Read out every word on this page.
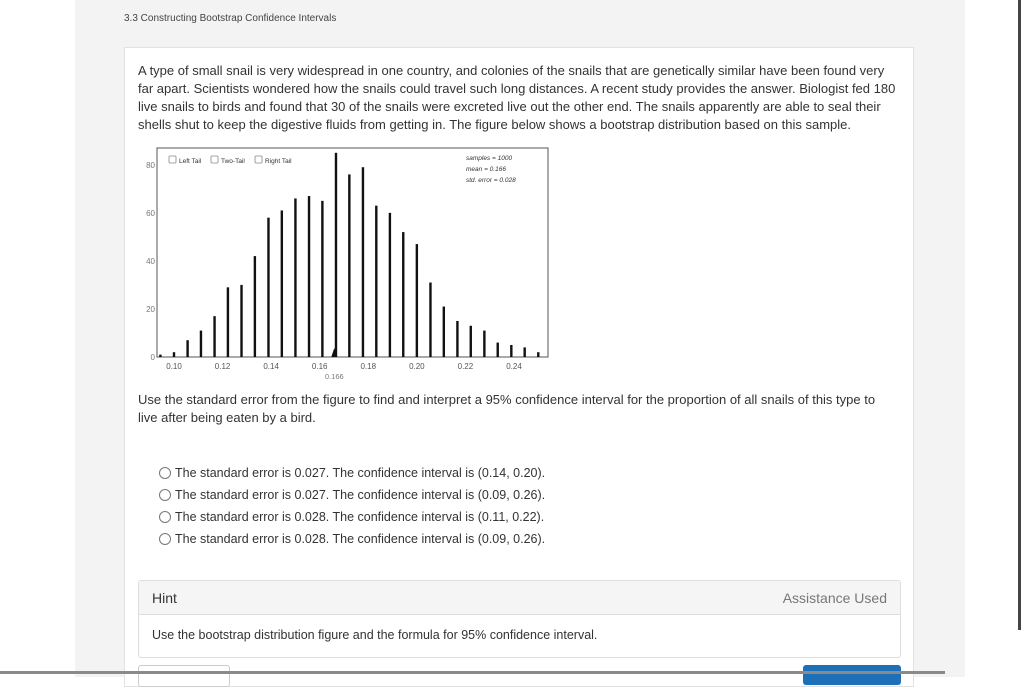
3.3 Constructing Bootstrap Confidence Intervals
A type of small snail is very widespread in one country, and colonies of the snails that are genetically similar have been found very far apart. Scientists wondered how the snails could travel such long distances. A recent study provides the answer. Biologist fed 180 live snails to birds and found that 30 of the snails were excreted live out the other end. The snails apparently are able to seal their shells shut to keep the digestive fluids from getting in. The figure below shows a bootstrap distribution based on this sample.
Left Tail	Two-Tail	Right Tail	samples = 1000
mean = 0.166
std. error = 0.028
0
20
40
60
80
0.10	0.12	0.14	0.16	0.18	0.20	0.22	0.24
0.166
Use the standard error from the figure to find and interpret a 95% confidence interval for the proportion of all snails of this type to live after being eaten by a bird.
The standard error is 0.027. The confidence interval is (0.14, 0.20).
The standard error is 0.027. The confidence interval is (0.09, 0.26).
The standard error is 0.028. The confidence interval is (0.11, 0.22).
The standard error is 0.028. The confidence interval is (0.09, 0.26).
Hint	Assistance Used
Use the bootstrap distribution figure and the formula for 95% confidence interval.
